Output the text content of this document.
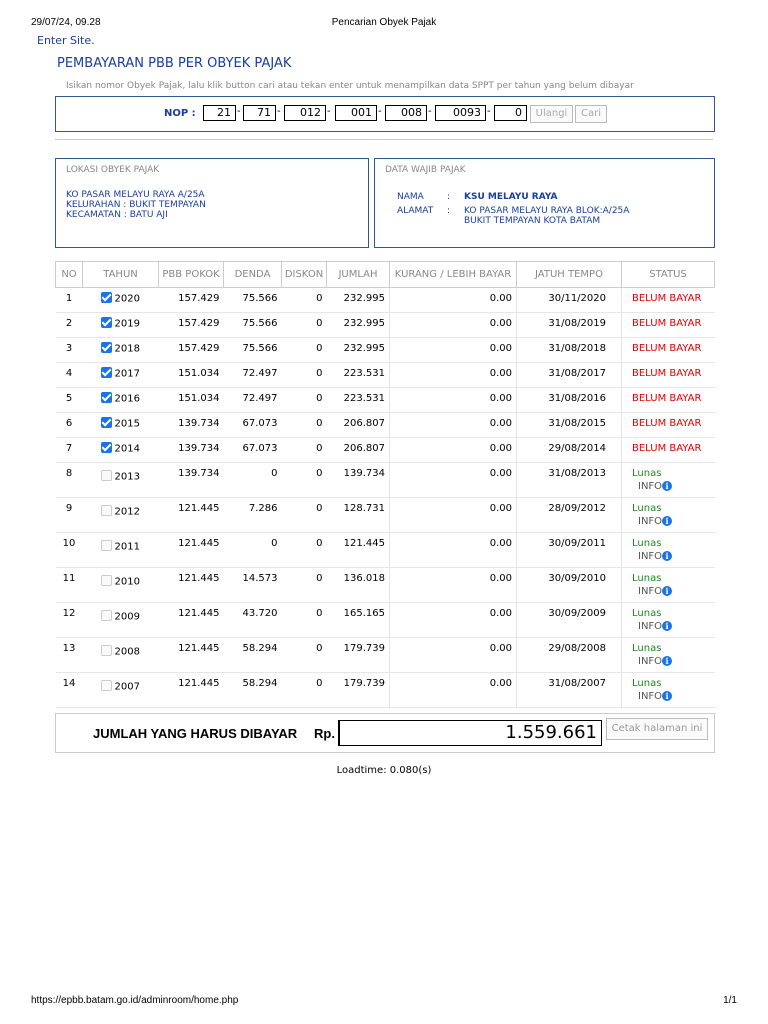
29/07/24, 09.28	Pencarian Obyek Pajak
Enter Site.
PEMBAYARAN PBB PER OBYEK PAJAK
Isikan nomor Obyek Pajak, lalu klik button cari atau tekan enter untuk menampilkan data SPPT per tahun yang belum dibayar
NOP :	21 -	71 -	012 -	001 -	008 -	0093 -	0	Ulangi	Cari
LOKASI OBYEK PAJAK
KO PASAR MELAYU RAYA A/25A
KELURAHAN : BUKIT TEMPAYAN
KECAMATAN : BATU AJI
DATA WAJIB PAJAK
NAMA	: KSU MELAYU RAYA
ALAMAT : KO PASAR MELAYU RAYA BLOK:A/25A
BUKIT TEMPAYAN KOTA BATAM
NO	TAHUN	PBB POKOK	DENDA	DISKON	JUMLAH	KURANG / LEBIH BAYAR	JATUH TEMPO	STATUS
1	2020	157.429	75.566	0	232.995	0.00	30/11/2020	BELUM BAYAR

2	2019	157.429	75.566	0	232.995	0.00	31/08/2019	BELUM BAYAR

3	2018	157.429	75.566	0	232.995	0.00	31/08/2018	BELUM BAYAR

4	2017	151.034	72.497	0	223.531	0.00	31/08/2017	BELUM BAYAR

5	2016	151.034	72.497	0	223.531	0.00	31/08/2016	BELUM BAYAR

6	2015	139.734	67.073	0	206.807	0.00	31/08/2015	BELUM BAYAR

7	2014	139.734	67.073	0	206.807	0.00	29/08/2014	BELUM BAYAR

8	2013	139.734	0	0	139.734	0.00	31/08/2013	Lunas
INFO i

9	2012	121.445	7.286	0	128.731	0.00	28/09/2012	Lunas
INFO i

10	2011	121.445	0	0	121.445	0.00	30/09/2011	Lunas
INFO i

11	2010	121.445	14.573	0	136.018	0.00	30/09/2010	Lunas
INFO i

12	2009	121.445	43.720	0	165.165	0.00	30/09/2009	Lunas
INFO i

13	2008	121.445	58.294	0	179.739	0.00	29/08/2008	Lunas
INFO i

14	2007	121.445	58.294	0	179.739	0.00	31/08/2007	Lunas
INFO i
JUMLAH YANG HARUS DIBAYAR Rp.	1.559.661	Cetak halaman ini
Loadtime: 0.080(s)
https://epbb.batam.go.id/adminroom/home.php	1/1
